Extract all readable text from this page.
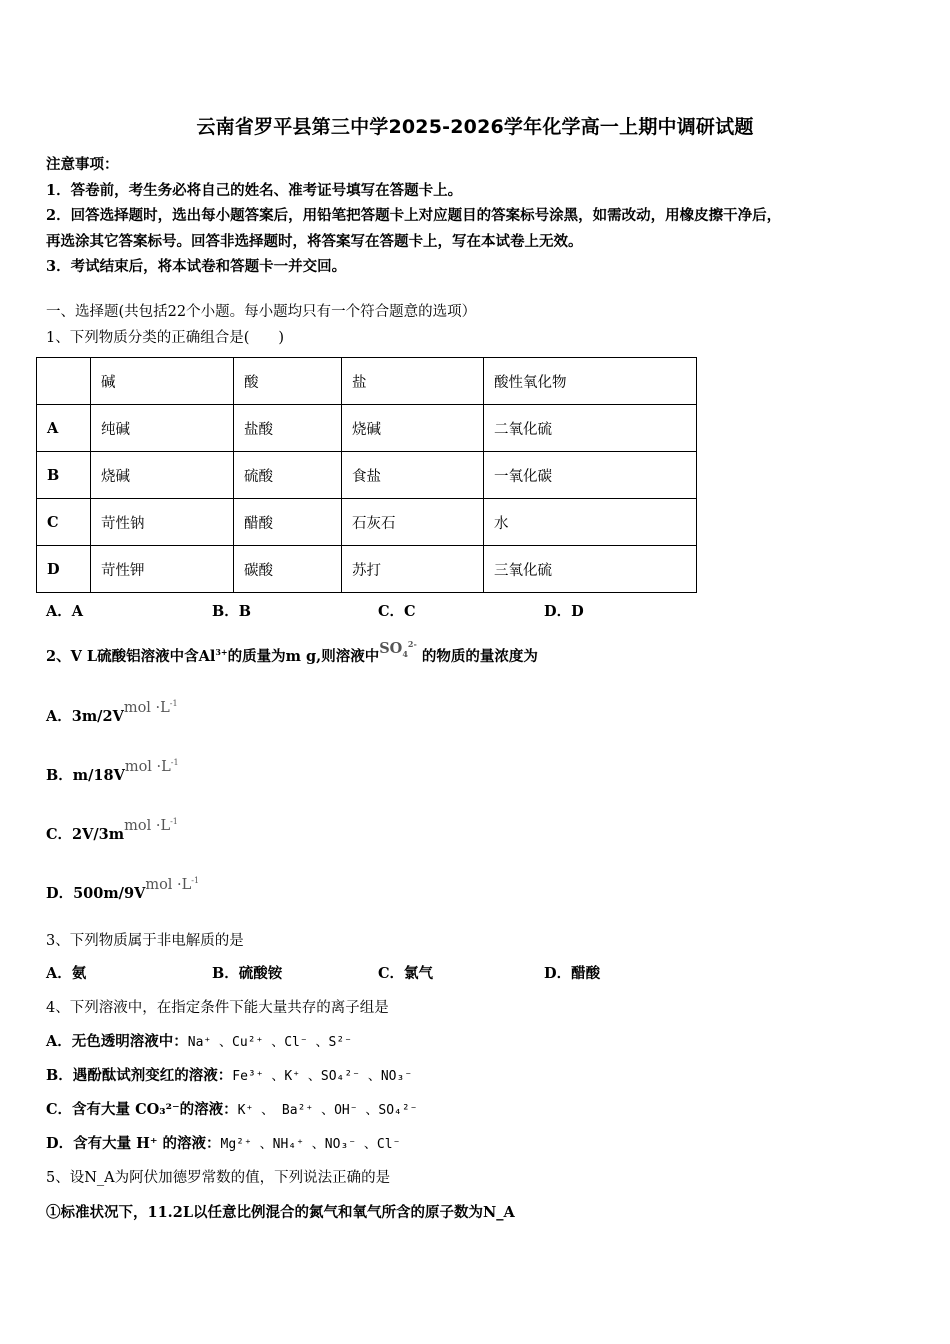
云南省罗平县第三中学2025-2026学年化学高一上期中调研试题
注意事项：
1．答卷前，考生务必将自己的姓名、准考证号填写在答题卡上。
2．回答选择题时，选出每小题答案后，用铅笔把答题卡上对应题目的答案标号涂黑，如需改动，用橡皮擦干净后，
再选涂其它答案标号。回答非选择题时，将答案写在答题卡上，写在本试卷上无效。
3．考试结束后，将本试卷和答题卡一并交回。
一、选择题(共包括22个小题。每小题均只有一个符合题意的选项）
1、下列物质分类的正确组合是(　　)
	碱	酸	盐	酸性氧化物
A	纯碱	盐酸	烧碱	二氧化硫
B	烧碱	硫酸	食盐	一氧化碳
C	苛性钠	醋酸	石灰石	水
D	苛性钾	碳酸	苏打	三氧化硫
A．A	B．B	C．C	D．D
2、V L硫酸铝溶液中含$Al^{3+}$的质量为m g,则溶液中$SO_4^{2-}$ 的物质的量浓度为
A．3m/2Vmol $\cdot L^{-1}$
B．m/18Vmol $\cdot L^{-1}$
C．2V/3mmol $\cdot L^{-1}$
D．500m/9Vmol $\cdot L^{-1}$
3、下列物质属于非电解质的是
A．氨	B．硫酸铵	C．氯气	D．醋酸
4、下列溶液中，在指定条件下能大量共存的离子组是
A．无色透明溶液中：Na⁺ 、Cu²⁺ 、Cl⁻ 、S²⁻
B．遇酚酞试剂变红的溶液：Fe³⁺ 、K⁺ 、SO₄²⁻ 、NO₃⁻
C．含有大量 CO₃²⁻的溶液：K⁺ 、 Ba²⁺ 、OH⁻ 、SO₄²⁻
D．含有大量 H⁺ 的溶液：Mg²⁺ 、NH₄⁺ 、NO₃⁻ 、Cl⁻
5、设N_A为阿伏加德罗常数的值，下列说法正确的是
①标准状况下，11.2L以任意比例混合的氮气和氧气所含的原子数为N_A
